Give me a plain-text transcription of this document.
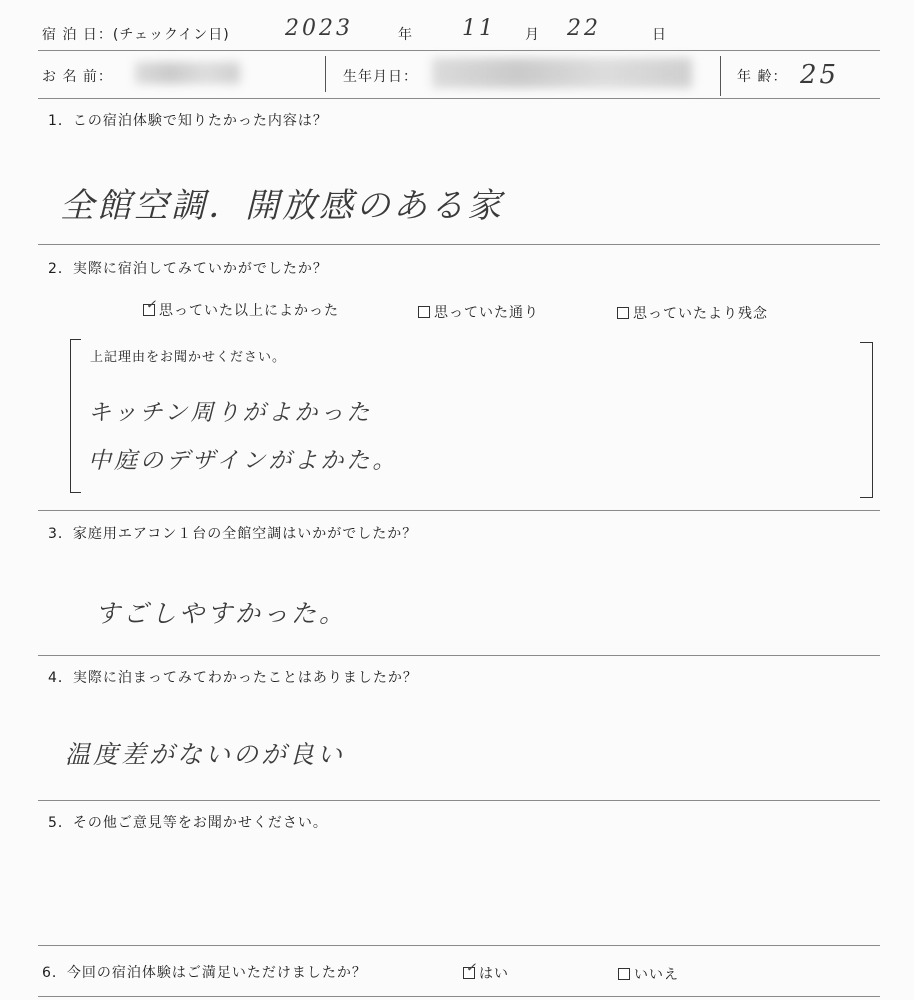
宿 泊 日：(チェックイン日)	2023	年 11 月 22	日
お 名 前：	生年月日：	年 齢： 25
1．この宿泊体験で知りたかった内容は？
全館空調．開放感のある家
2．実際に宿泊してみていかがでしたか？
✓ 思っていた以上によかった	思っていた通り	思っていたより残念
上記理由をお聞かせください。
キッチン周りがよかった
中庭のデザインがよかた。
3．家庭用エアコン１台の全館空調はいかがでしたか？
すごしやすかった。
4．実際に泊まってみてわかったことはありましたか？
温度差がないのが良い
5．その他ご意見等をお聞かせください。
6．今回の宿泊体験はご満足いただけましたか？	✓ はい	いいえ
